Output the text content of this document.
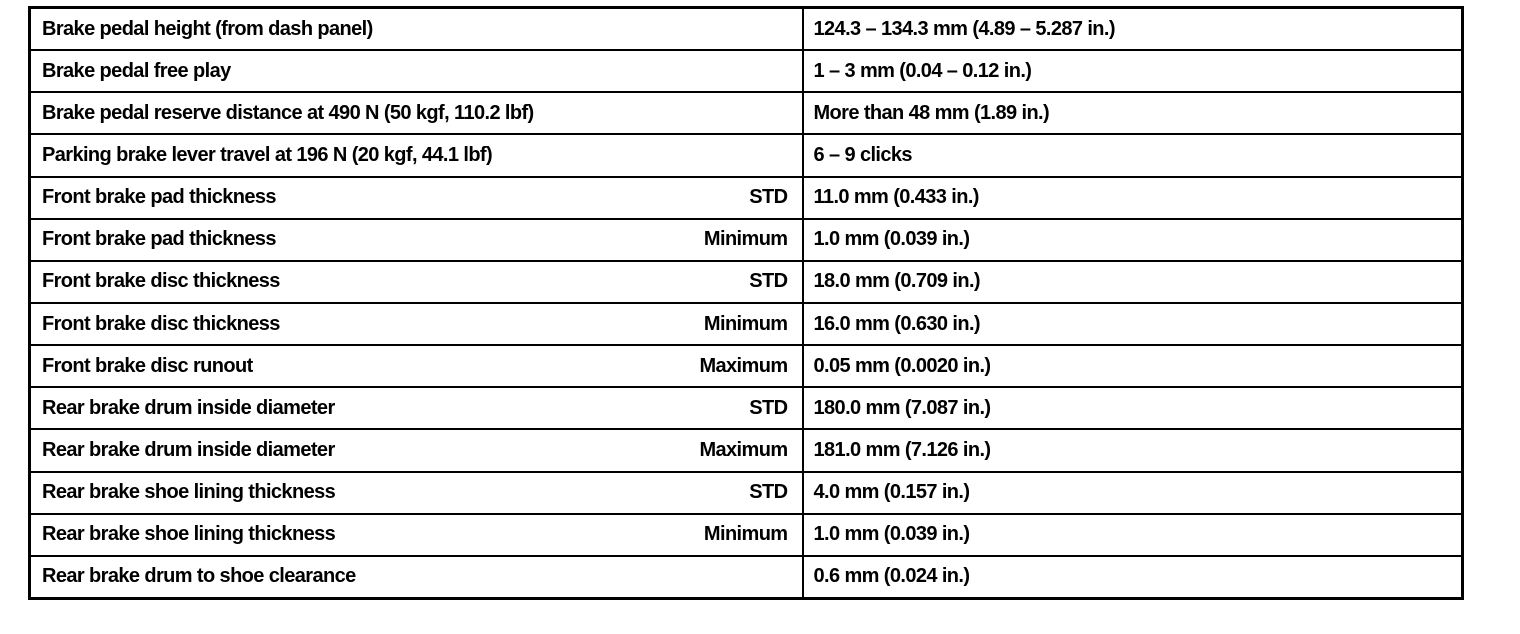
Brake pedal height (from dash panel)	124.3 – 134.3 mm (4.89 – 5.287 in.)

Brake pedal free play	1 – 3 mm (0.04 – 0.12 in.)

Brake pedal reserve distance at 490 N (50 kgf, 110.2 lbf)	More than 48 mm (1.89 in.)

Parking brake lever travel at 196 N (20 kgf, 44.1 lbf)	6 – 9 clicks

Front brake pad thickness STD	11.0 mm (0.433 in.)

Front brake pad thickness Minimum	1.0 mm (0.039 in.)

Front brake disc thickness STD	18.0 mm (0.709 in.)

Front brake disc thickness Minimum	16.0 mm (0.630 in.)

Front brake disc runout Maximum	0.05 mm (0.0020 in.)

Rear brake drum inside diameter STD	180.0 mm (7.087 in.)

Rear brake drum inside diameter Maximum	181.0 mm (7.126 in.)

Rear brake shoe lining thickness STD	4.0 mm (0.157 in.)

Rear brake shoe lining thickness Minimum	1.0 mm (0.039 in.)

Rear brake drum to shoe clearance	0.6 mm (0.024 in.)
